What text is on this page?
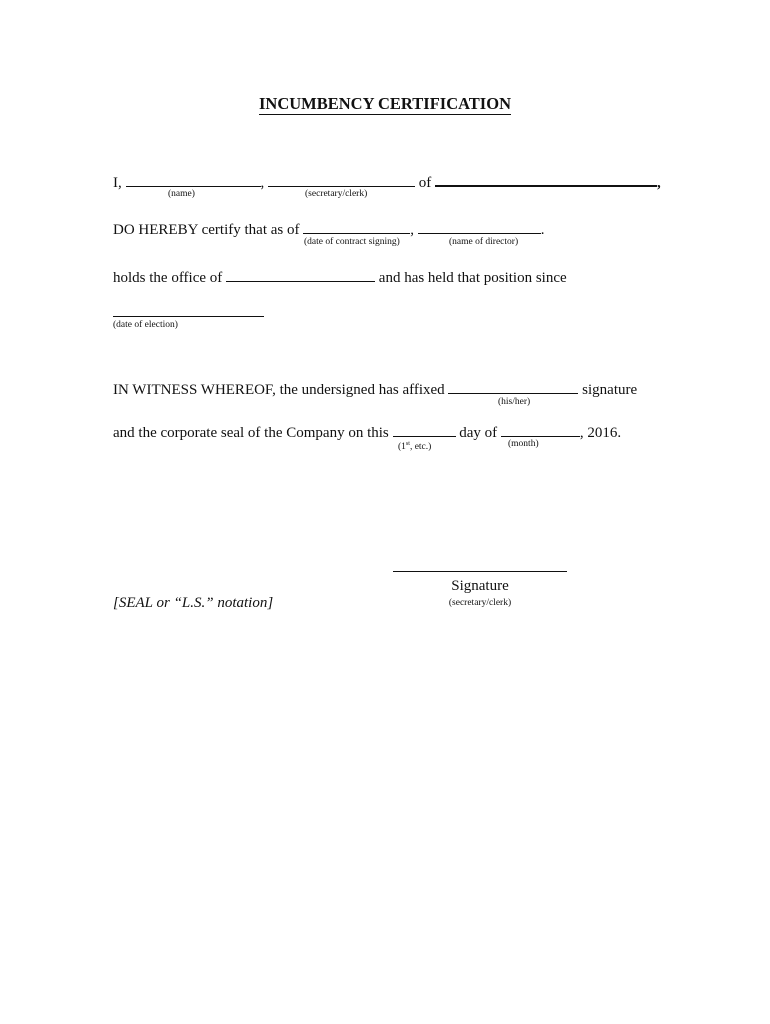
INCUMBENCY CERTIFICATION
I,	,	of	,
(name)	(secretary/clerk)
DO HEREBY certify that as of	,	.
(date of contract signing)	(name of director)
holds the office of	and has held that position since
(date of election)
IN WITNESS WHEREOF, the undersigned has affixed	signature
(his/her)
and the corporate seal of the Company on this	day of	, 2016.
(1st, etc.)	(month)
Signature
(secretary/clerk)
[SEAL or “L.S.” notation]
